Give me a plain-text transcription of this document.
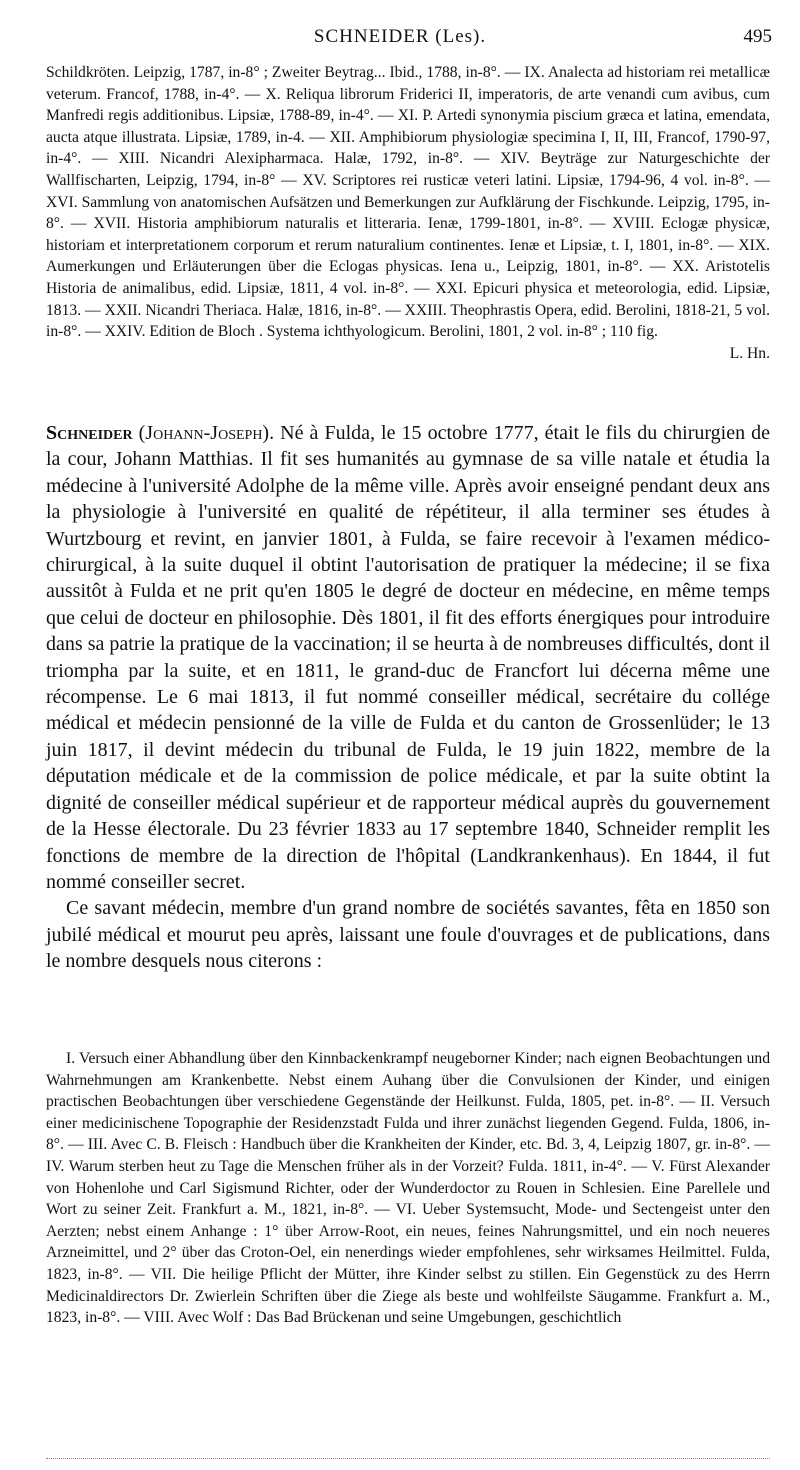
SCHNEIDER (Les).	495

Schildkröten. Leipzig, 1787, in-8° ; Zweiter Beytrag... Ibid., 1788, in-8°. — IX. Analecta ad historiam rei metallicæ veterum. Francof, 1788, in-4°. — X. Reliqua librorum Friderici II, imperatoris, de arte venandi cum avibus, cum Manfredi regis additionibus. Lipsiæ, 1788-89, in-4°. — XI. P. Artedi synonymia piscium græca et latina, emendata, aucta atque illustrata. Lipsiæ, 1789, in-4. — XII. Amphibiorum physiologiæ specimina I, II, III, Francof, 1790-97, in-4°. — XIII. Nicandri Alexipharmaca. Halæ, 1792, in-8°. — XIV. Beyträge zur Naturgeschichte der Wallfischarten, Leipzig, 1794, in-8° — XV. Scriptores rei rusticæ veteri latini. Lipsiæ, 1794-96, 4 vol. in-8°. — XVI. Sammlung von anatomischen Aufsätzen und Bemerkungen zur Aufklärung der Fischkunde. Leipzig, 1795, in-8°. — XVII. Historia amphibiorum naturalis et litteraria. Ienæ, 1799-1801, in-8°. — XVIII. Eclogæ physicæ, historiam et interpretationem corporum et rerum naturalium continentes. Ienæ et Lipsiæ, t. I, 1801, in-8°. — XIX. Aumerkungen und Erläuterungen über die Eclogas physicas. Iena u., Leipzig, 1801, in-8°. — XX. Aristotelis Historia de animalibus, edid. Lipsiæ, 1811, 4 vol. in-8°. — XXI. Epicuri physica et meteorologia, edid. Lipsiæ, 1813. — XXII. Nicandri Theriaca. Halæ, 1816, in-8°. — XXIII. Theophrastis Opera, edid. Berolini, 1818-21, 5 vol. in-8°. — XXIV. Edition de Bloch . Systema ichthyologicum. Berolini, 1801, 2 vol. in-8° ; 110 fig.

L. Hn.

Schneider (Johann-Joseph). Né à Fulda, le 15 octobre 1777, était le fils du chirurgien de la cour, Johann Matthias. Il fit ses humanités au gymnase de sa ville natale et étudia la médecine à l'université Adolphe de la même ville. Après avoir enseigné pendant deux ans la physiologie à l'université en qualité de répétiteur, il alla terminer ses études à Wurtzbourg et revint, en janvier 1801, à Fulda, se faire recevoir à l'examen médico-chirurgical, à la suite duquel il obtint l'autorisation de pratiquer la médecine; il se fixa aussitôt à Fulda et ne prit qu'en 1805 le degré de docteur en médecine, en même temps que celui de docteur en philosophie. Dès 1801, il fit des efforts énergiques pour introduire dans sa patrie la pratique de la vaccination; il se heurta à de nombreuses difficultés, dont il triompha par la suite, et en 1811, le grand-duc de Francfort lui décerna même une récompense. Le 6 mai 1813, il fut nommé conseiller médical, secrétaire du collége médical et médecin pensionné de la ville de Fulda et du canton de Grossenlüder; le 13 juin 1817, il devint médecin du tribunal de Fulda, le 19 juin 1822, membre de la députation médicale et de la commission de police médicale, et par la suite obtint la dignité de conseiller médical supérieur et de rapporteur médical auprès du gouvernement de la Hesse électorale. Du 23 février 1833 au 17 septembre 1840, Schneider remplit les fonctions de membre de la direction de l'hôpital (Landkrankenhaus). En 1844, il fut nommé conseiller secret.

Ce savant médecin, membre d'un grand nombre de sociétés savantes, fêta en 1850 son jubilé médical et mourut peu après, laissant une foule d'ouvrages et de publications, dans le nombre desquels nous citerons :

I. Versuch einer Abhandlung über den Kinnbackenkrampf neugeborner Kinder; nach eignen Beobachtungen und Wahrnehmungen am Krankenbette. Nebst einem Auhang über die Convulsionen der Kinder, und einigen practischen Beobachtungen über verschiedene Gegenstände der Heilkunst. Fulda, 1805, pet. in-8°. — II. Versuch einer medicinischene Topographie der Residenzstadt Fulda und ihrer zunächst liegenden Gegend. Fulda, 1806, in-8°. — III. Avec C. B. Fleisch : Handbuch über die Krankheiten der Kinder, etc. Bd. 3, 4, Leipzig 1807, gr. in-8°. — IV. Warum sterben heut zu Tage die Menschen früher als in der Vorzeit? Fulda. 1811, in-4°. — V. Fürst Alexander von Hohenlohe und Carl Sigismund Richter, oder der Wunderdoctor zu Rouen in Schlesien. Eine Parellele und Wort zu seiner Zeit. Frankfurt a. M., 1821, in-8°. — VI. Ueber Systemsucht, Mode- und Sectengeist unter den Aerzten; nebst einem Anhange : 1° über Arrow-Root, ein neues, feines Nahrungsmittel, und ein noch neueres Arzneimittel, und 2° über das Croton-Oel, ein nenerdings wieder empfohlenes, sehr wirksames Heilmittel. Fulda, 1823, in-8°. — VII. Die heilige Pflicht der Mütter, ihre Kinder selbst zu stillen. Ein Gegenstück zu des Herrn Medicinaldirectors Dr. Zwierlein Schriften über die Ziege als beste und wohlfeilste Säugamme. Frankfurt a. M., 1823, in-8°. — VIII. Avec Wolf : Das Bad Brückenan und seine Umgebungen, geschichtlich
